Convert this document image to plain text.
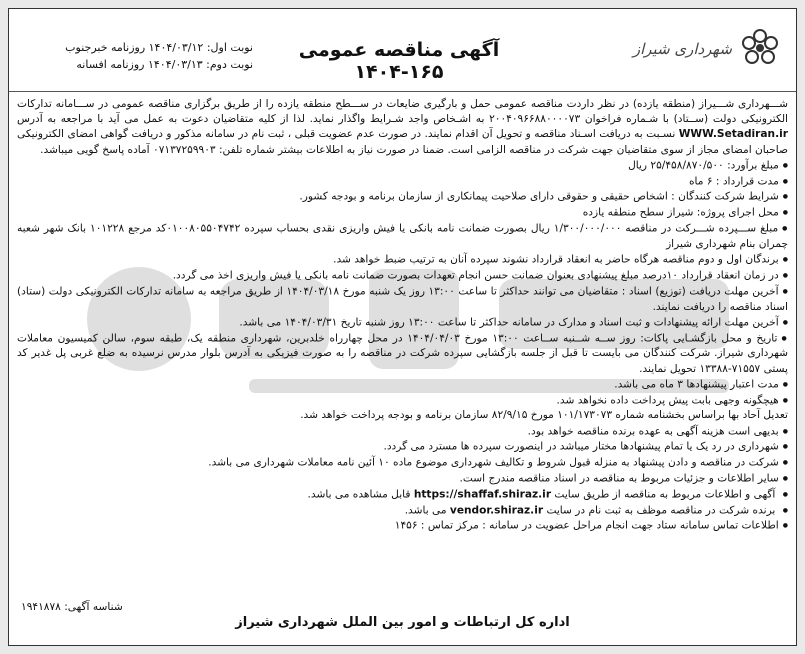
شهرداری شیراز
آگهی مناقصه عمومی ۱۶۵-۱۴۰۴
نوبت اول: ۱۴۰۴/۰۳/۱۲ روزنامه خبرجنوب
نوبت دوم: ۱۴۰۴/۰۳/۱۳ روزنامه افسانه

شـــهرداری شـــیراز (منطقه یازده) در نظر داردت مناقصه عمومی حمل و بارگیری ضایعات در ســـطح منطقه یازده را از طریق برگزاری مناقصه عمومی در ســـامانه تدارکات الکترونیکی دولت (ســتاد) با شـماره فراخوان ۲۰۰۴۰۹۶۶۸۸۰۰۰۰۷۳ به اشـخاص واجد شـرایط واگذار نماید. لذا از کلیه متقاضیان دعوت به عمل می آید با مراجعه به آدرس WWW.Setadiran.ir نسـبت به دریافت اسـناد مناقصه و تحویل آن اقدام نمایند. در صورت عدم عضویت قبلی ، ثبت نام در سامانه مذکور و دریافت گواهی امضای الکترونیکی صاحبان امضای مجاز از سوی متقاضیان جهت شرکت در مناقصه الزامی است. ضمنا در صورت نیاز به اطلاعات بیشتر شماره تلفن: ۰۷۱۳۷۲۵۹۹۰۳ آماده پاسخ گویی میباشد.

● مبلغ برآورد: ۲۵/۴۵۸/۸۷۰/۵۰۰ ریال

● مدت قرارداد : ۶ ماه

● شرایط شرکت کنندگان : اشخاص حقیقی و حقوقی دارای صلاحیت پیمانکاری از سازمان برنامه و بودجه کشور.

● محل اجرای پروژه: شیراز سطح منطقه یازده

● مبلغ ســـپرده شـــرکت در مناقصه ۱/۳۰۰/۰۰۰/۰۰۰ ریال بصورت ضمانت نامه بانکی یا فیش واریزی نقدی بحساب سپرده ۰۱۰۰۸۰۵۵۰۴۷۴۲کد مرجع ۱۰۱۲۲۸ بانک شهر شعبه چمران بنام شهرداری شیراز

● برندگان اول و دوم مناقصه هرگاه حاضر به انعقاد قرارداد نشوند سپرده آنان به ترتیب ضبط خواهد شد.

● در زمان انعقاد قرارداد ۱۰درصد مبلغ پیشنهادی بعنوان ضمانت حسن انجام تعهدات بصورت ضمانت نامه بانکی یا فیش واریزی اخذ می گردد.

● آخرین مهلت دریافت (توزیع) اسناد : متقاضیان می توانند حداکثر تا ساعت ۱۳:۰۰ روز یک شنبه مورخ ۱۴۰۴/۰۳/۱۸ از طریق مراجعه به سامانه تدارکات الکترونیکی دولت (ستاد) اسناد مناقصه را دریافت نمایند.

● آخرین مهلت ارائه پیشنهادات و ثبت اسناد و مدارک در سامانه حداکثر تا ساعت ۱۳:۰۰ روز شنبه تاریخ ۱۴۰۴/۰۳/۳۱ می باشد.

● تاریخ و محل بازگشـایی پاکات: روز ســه شــنبه ســاعت ۱۳:۰۰ مورخ ۱۴۰۴/۰۴/۰۳ در محل چهارراه خلدبرین، شهرداری منطقه یک، طبقه سوم، سالن کمیسیون معاملات شهرداری شیراز. شرکت کنندگان می بایست تا قبل از جلسه بازگشایی سپرده شرکت در مناقصه را به صورت فیزیکی به آدرس بلوار مدرس نرسیده به ضلع غربی پل غدیر کد پستی ۷۱۵۵۷-۱۳۳۸۸ تحویل نمایند.

● مدت اعتبار پیشنهادها ۳ ماه می باشد.

● هیچگونه وجهی بابت پیش پرداخت داده نخواهد شد.

تعدیل آحاد بها براساس بخشنامه شماره ۱۰۱/۱۷۳۰۷۳ مورخ ۸۲/۹/۱۵ سازمان برنامه و بودجه پرداخت خواهد شد.

● بدیهی است هزینه آگهی به عهده برنده مناقصه خواهد بود.

● شهرداری در رد یک یا تمام پیشنهادها مختار میباشد در اینصورت سپرده ها مسترد می گردد.

● شرکت در مناقصه و دادن پیشنهاد به منزله قبول شروط و تکالیف شهرداری موضوع ماده ۱۰ آئین نامه معاملات شهرداری می باشد.

● سایر اطلاعات و جزئیات مربوط به مناقصه در اسناد مناقصه مندرج است.

● آگهی و اطلاعات مربوط به مناقصه از طریق سایت https://shaffaf.shiraz.ir قابل مشاهده می باشد.

● برنده شرکت در مناقصه موظف به ثبت نام در سایت vendor.shiraz.ir می باشد.

● اطلاعات تماس سامانه ستاد جهت انجام مراحل عضویت در سامانه : مرکز تماس : ۱۴۵۶

شناسه آگهی: ۱۹۴۱۸۷۸
اداره کل ارتباطات و امور بین الملل شهرداری شیراز
